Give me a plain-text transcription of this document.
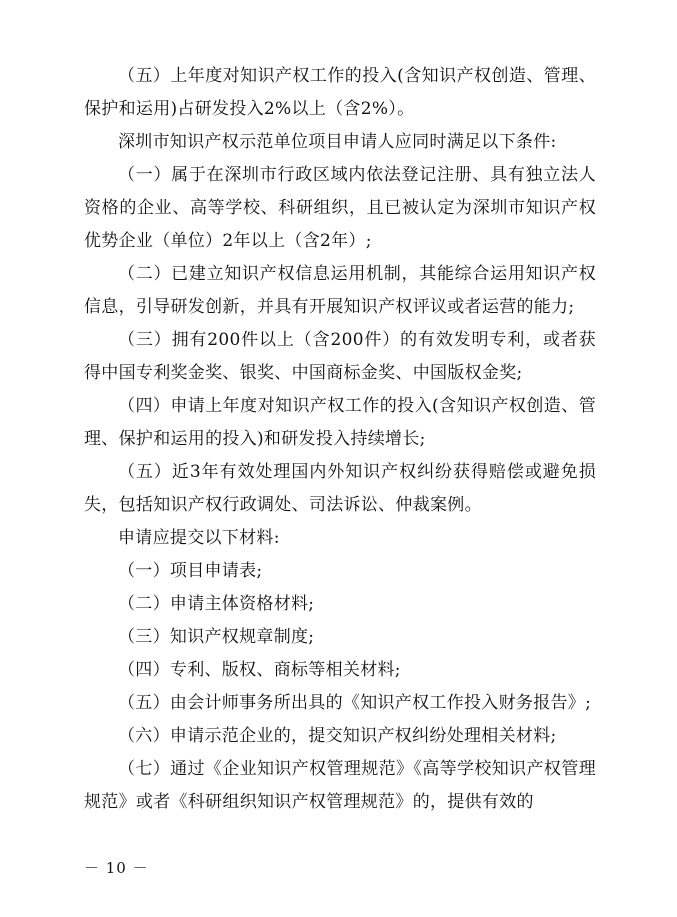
（五）上年度对知识产权工作的投入(含知识产权创造、管理、保护和运用)占研发投入2%以上（含2%）。

深圳市知识产权示范单位项目申请人应同时满足以下条件:

（一）属于在深圳市行政区域内依法登记注册、具有独立法人资格的企业、高等学校、科研组织，且已被认定为深圳市知识产权优势企业（单位）2年以上（含2年）;

（二）已建立知识产权信息运用机制，其能综合运用知识产权信息，引导研发创新，并具有开展知识产权评议或者运营的能力;

（三）拥有200件以上（含200件）的有效发明专利，或者获得中国专利奖金奖、银奖、中国商标金奖、中国版权金奖;

（四）申请上年度对知识产权工作的投入(含知识产权创造、管理、保护和运用的投入)和研发投入持续增长;

（五）近3年有效处理国内外知识产权纠纷获得赔偿或避免损失，包括知识产权行政调处、司法诉讼、仲裁案例。

申请应提交以下材料:

（一）项目申请表;

（二）申请主体资格材料;

（三）知识产权规章制度;

（四）专利、版权、商标等相关材料;

（五）由会计师事务所出具的《知识产权工作投入财务报告》;

（六）申请示范企业的，提交知识产权纠纷处理相关材料;

（七）通过《企业知识产权管理规范》《高等学校知识产权管理规范》或者《科研组织知识产权管理规范》的，提供有效的

－ 10 －
